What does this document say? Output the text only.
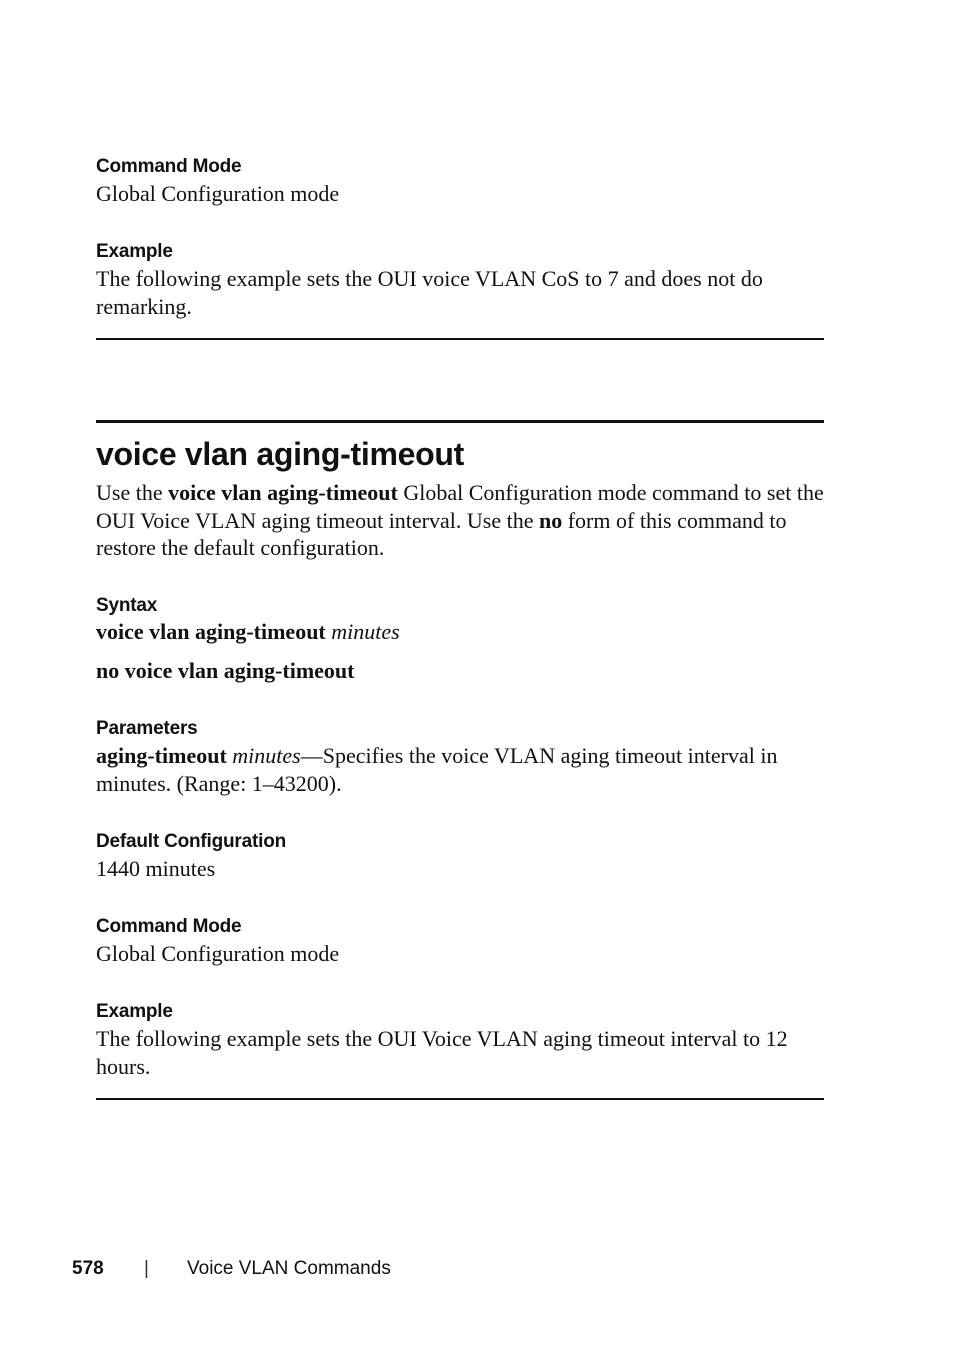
Command Mode
Global Configuration mode
Example
The following example sets the OUI voice VLAN CoS to 7 and does not do remarking.
voice vlan aging-timeout
Use the voice vlan aging-timeout Global Configuration mode command to set the OUI Voice VLAN aging timeout interval. Use the no form of this command to restore the default configuration.
Syntax
voice vlan aging-timeout minutes
no voice vlan aging-timeout
Parameters
aging-timeout minutes—Specifies the voice VLAN aging timeout interval in minutes. (Range: 1–43200).
Default Configuration
1440 minutes
Command Mode
Global Configuration mode
Example
The following example sets the OUI Voice VLAN aging timeout interval to 12 hours.
578 | Voice VLAN Commands
